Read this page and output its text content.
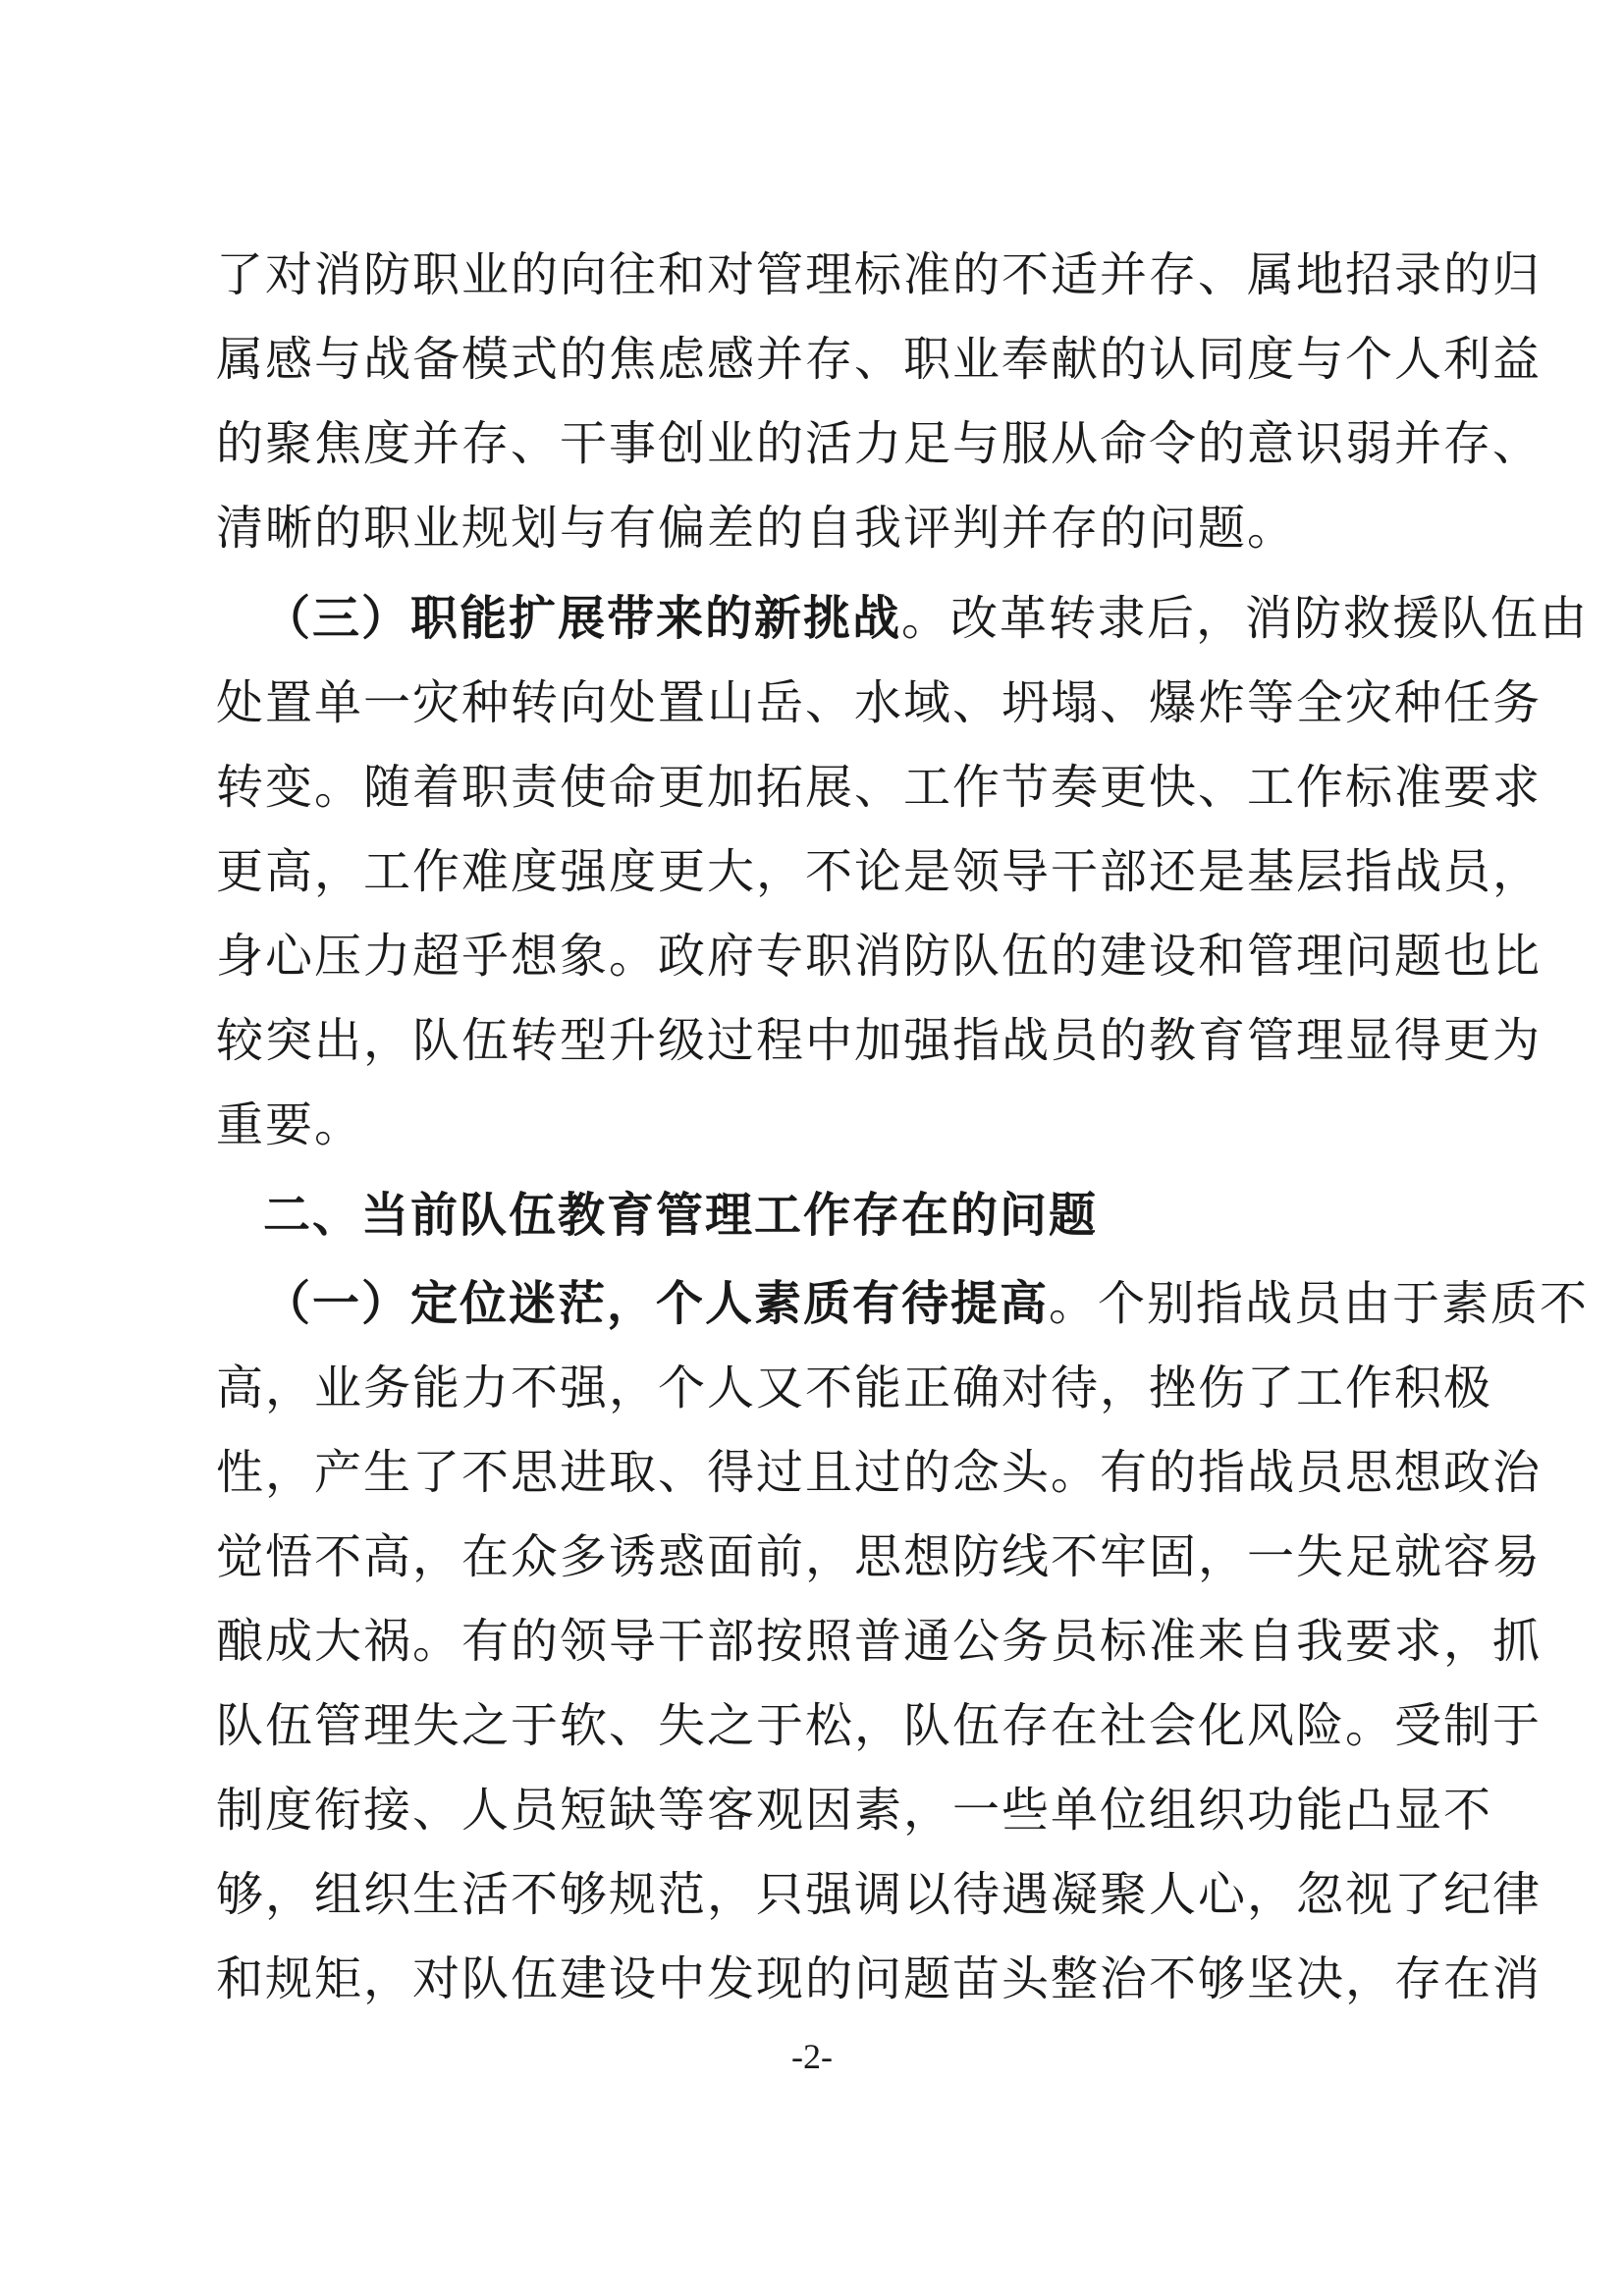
了对消防职业的向往和对管理标准的不适并存、属地招录的归
属感与战备模式的焦虑感并存、职业奉献的认同度与个人利益
的聚焦度并存、干事创业的活力足与服从命令的意识弱并存、
清晰的职业规划与有偏差的自我评判并存的问题。
（三）职能扩展带来的新挑战。改革转隶后，消防救援队伍由
处置单一灾种转向处置山岳、水域、坍塌、爆炸等全灾种任务
转变。随着职责使命更加拓展、工作节奏更快、工作标准要求
更高，工作难度强度更大，不论是领导干部还是基层指战员，
身心压力超乎想象。政府专职消防队伍的建设和管理问题也比
较突出，队伍转型升级过程中加强指战员的教育管理显得更为
重要。
二、当前队伍教育管理工作存在的问题
（一）定位迷茫，个人素质有待提高。个别指战员由于素质不
高，业务能力不强，个人又不能正确对待，挫伤了工作积极
性，产生了不思进取、得过且过的念头。有的指战员思想政治
觉悟不高，在众多诱惑面前，思想防线不牢固，一失足就容易
酿成大祸。有的领导干部按照普通公务员标准来自我要求，抓
队伍管理失之于软、失之于松，队伍存在社会化风险。受制于
制度衔接、人员短缺等客观因素，一些单位组织功能凸显不
够，组织生活不够规范，只强调以待遇凝聚人心，忽视了纪律
和规矩，对队伍建设中发现的问题苗头整治不够坚决，存在消
-2-
